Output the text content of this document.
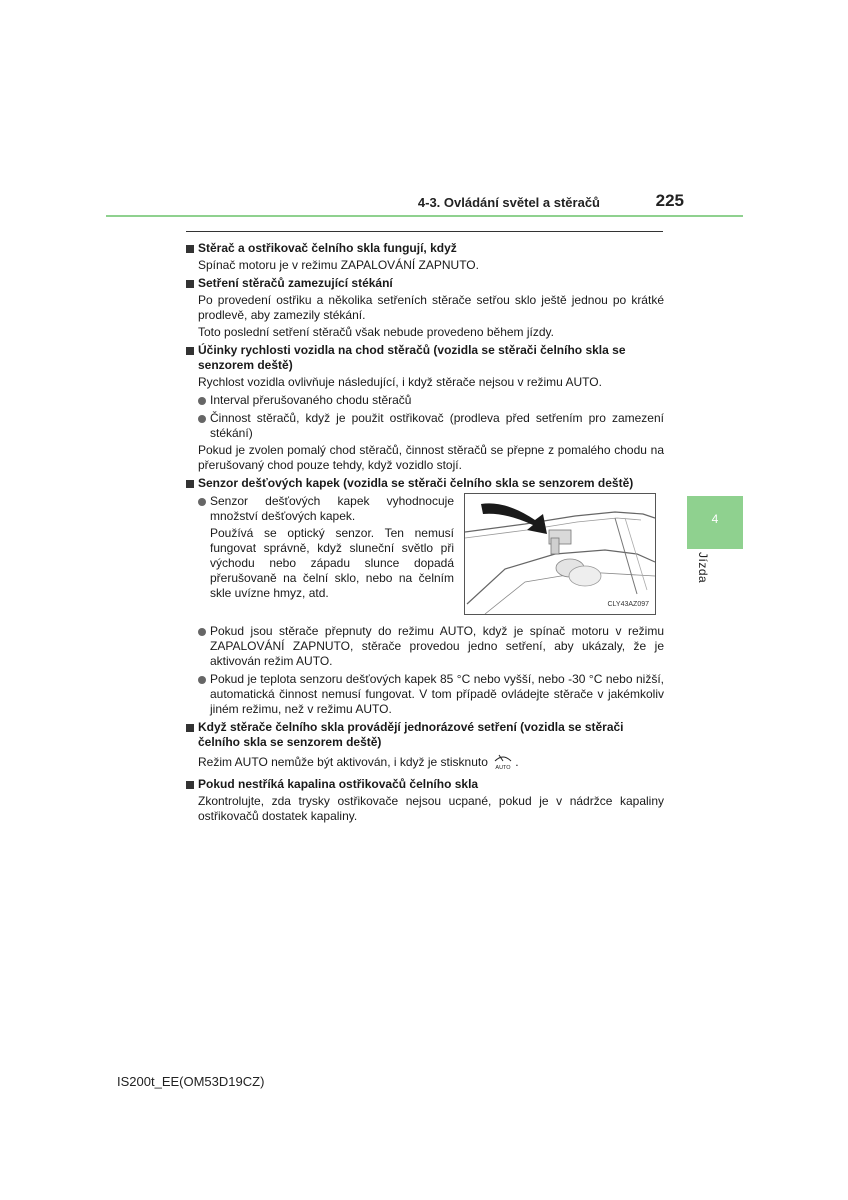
4-3. Ovládání světel a stěračů	225
4
Jízda
Stěrač a ostřikovač čelního skla fungují, když
Spínač motoru je v režimu ZAPALOVÁNÍ ZAPNUTO.
Setření stěračů zamezující stékání
Po provedení ostřiku a několika setřeních stěrače setřou sklo ještě jednou po krátké prodlevě, aby zamezily stékání.
Toto poslední setření stěračů však nebude provedeno během jízdy.
Účinky rychlosti vozidla na chod stěračů (vozidla se stěrači čelního skla se senzorem deště)
Rychlost vozidla ovlivňuje následující, i když stěrače nejsou v režimu AUTO.
Interval přerušovaného chodu stěračů
Činnost stěračů, když je použit ostřikovač (prodleva před setřením pro zamezení stékání)
Pokud je zvolen pomalý chod stěračů, činnost stěračů se přepne z pomalého chodu na přerušovaný chod pouze tehdy, když vozidlo stojí.
Senzor dešťových kapek (vozidla se stěrači čelního skla se senzorem deště)
Senzor dešťových kapek vyhodnocuje množství dešťových kapek.
Používá se optický senzor. Ten nemusí fungovat správně, když sluneční světlo při východu nebo západu slunce dopadá přerušovaně na čelní sklo, nebo na čelním skle uvízne hmyz, atd.
CLY43AZ097
Pokud jsou stěrače přepnuty do režimu AUTO, když je spínač motoru v režimu ZAPALOVÁNÍ ZAPNUTO, stěrače provedou jedno setření, aby ukázaly, že je aktivován režim AUTO.
Pokud je teplota senzoru dešťových kapek 85 °C nebo vyšší, nebo -30 °C nebo nižší, automatická činnost nemusí fungovat. V tom případě ovládejte stěrače v jakémkoliv jiném režimu, než v režimu AUTO.
Když stěrače čelního skla provádějí jednorázové setření (vozidla se stěrači čelního skla se senzorem deště)
Režim AUTO nemůže být aktivován, i když je stisknuto AUTO .
Pokud nestříká kapalina ostřikovačů čelního skla
Zkontrolujte, zda trysky ostřikovače nejsou ucpané, pokud je v nádržce kapaliny ostřikovačů dostatek kapaliny.
IS200t_EE(OM53D19CZ)
